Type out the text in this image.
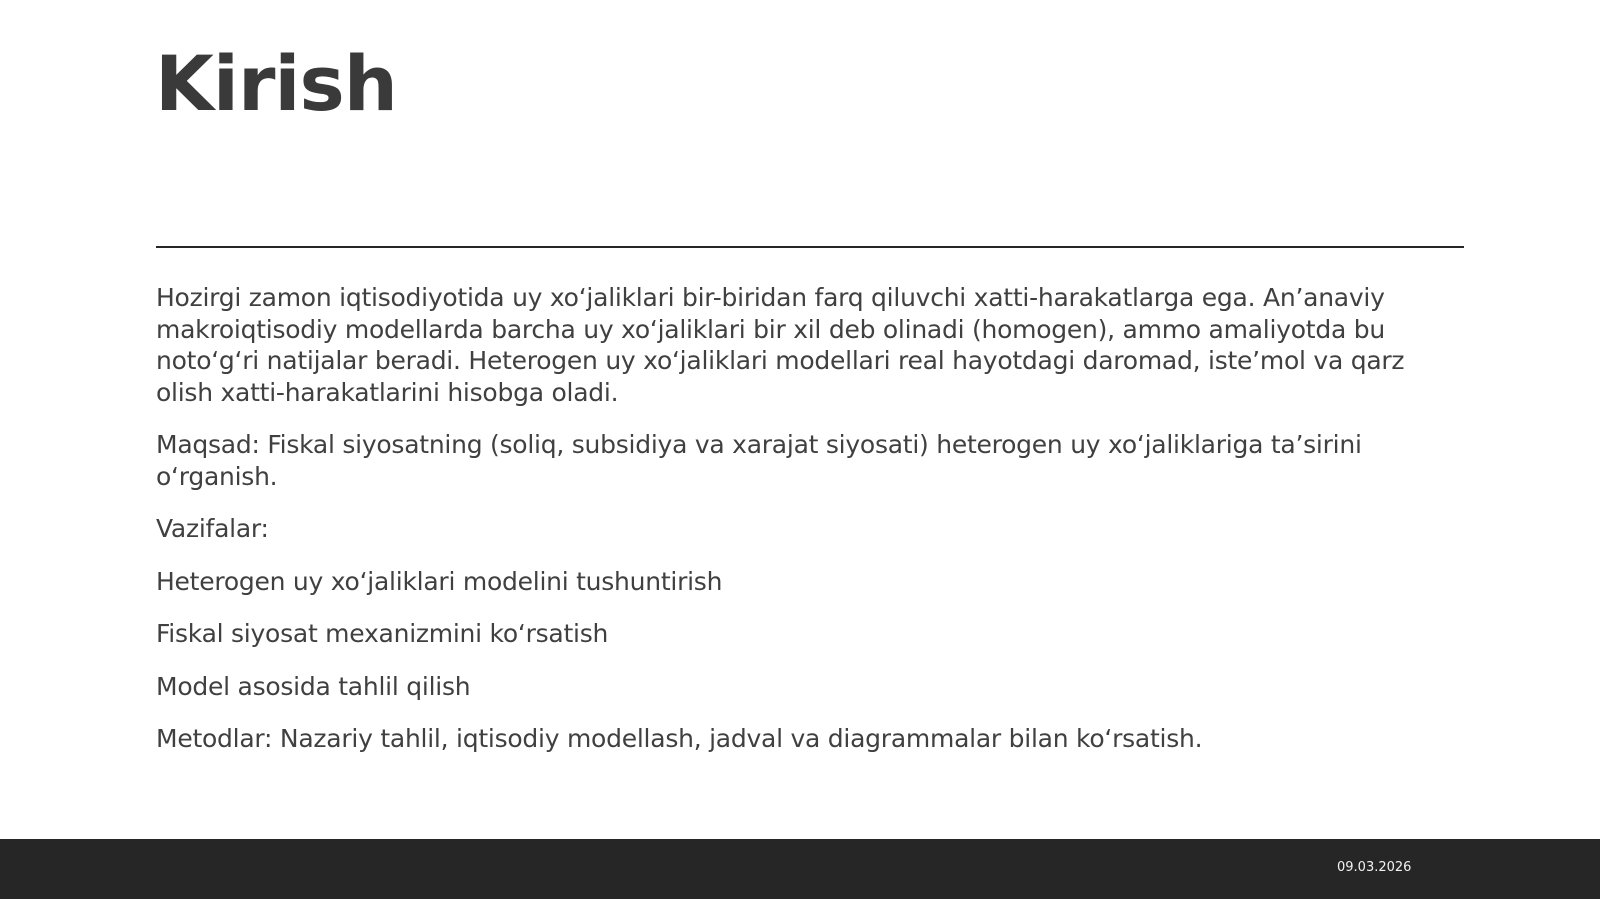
Kirish

Hozirgi zamon iqtisodiyotida uy xo‘jaliklari bir-biridan farq qiluvchi xatti-harakatlarga ega. An’anaviy makroiqtisodiy modellarda barcha uy xo‘jaliklari bir xil deb olinadi (homogen), ammo amaliyotda bu noto‘g‘ri natijalar beradi. Heterogen uy xo‘jaliklari modellari real hayotdagi daromad, iste’mol va qarz olish xatti-harakatlarini hisobga oladi.

Maqsad: Fiskal siyosatning (soliq, subsidiya va xarajat siyosati) heterogen uy xo‘jaliklariga ta’sirini o‘rganish.

Vazifalar:

Heterogen uy xo‘jaliklari modelini tushuntirish

Fiskal siyosat mexanizmini ko‘rsatish

Model asosida tahlil qilish

Metodlar: Nazariy tahlil, iqtisodiy modellash, jadval va diagrammalar bilan ko‘rsatish.

09.03.2026
